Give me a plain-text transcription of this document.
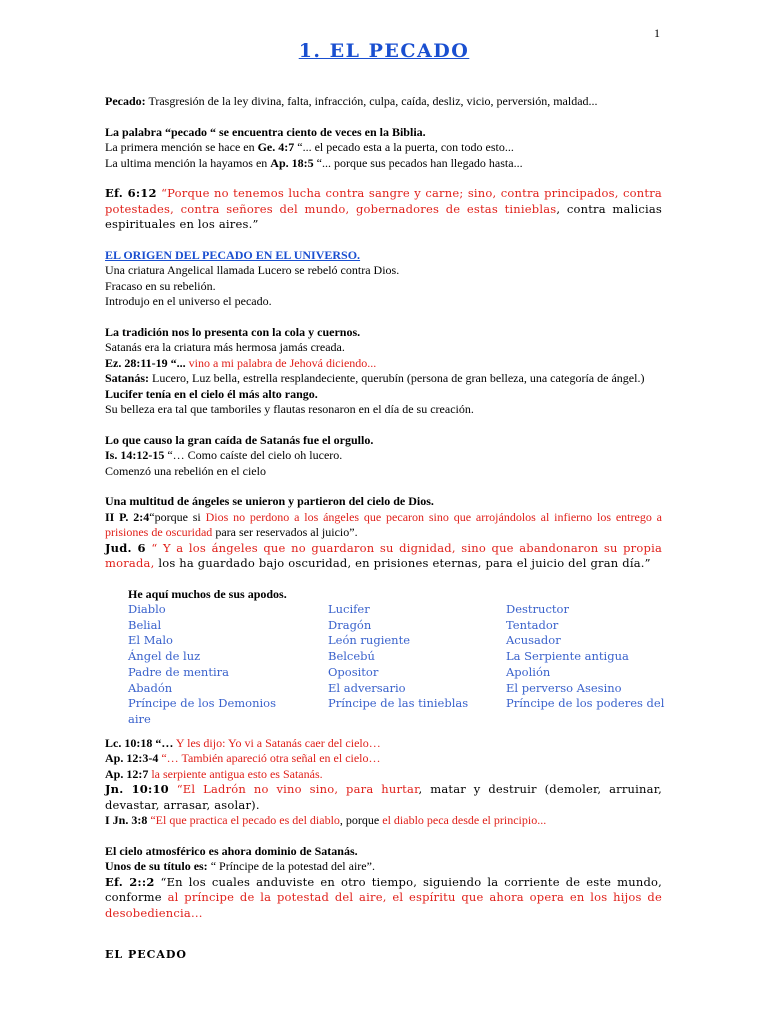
1
1. EL PECADO

Pecado: Trasgresión de la ley divina, falta, infracción, culpa, caída, desliz, vicio, perversión, maldad...

La palabra “pecado “ se encuentra ciento de veces en la Biblia.
La primera mención se hace en Ge. 4:7 “... el pecado esta a la puerta, con todo esto...
La ultima mención la hayamos en Ap. 18:5 “... porque sus pecados han llegado hasta...

Ef. 6:12 “Porque no tenemos lucha contra sangre y carne; sino, contra principados, contra potestades, contra señores del mundo, gobernadores de estas tinieblas, contra malicias espirituales en los aires.”

EL ORIGEN DEL PECADO EN EL UNIVERSO.
Una criatura Angelical llamada Lucero se rebeló contra Dios.
Fracaso en su rebelión.
Introdujo en el universo el pecado.

La tradición nos lo presenta con la cola y cuernos.
Satanás era la criatura más hermosa jamás creada.
Ez. 28:11-19 “... vino a mi palabra de Jehová diciendo...
Satanás: Lucero, Luz bella, estrella resplandeciente, querubín (persona de gran belleza, una categoría de ángel.)
Lucifer tenía en el cielo él más alto rango.
Su belleza era tal que tamboriles y flautas resonaron en el día de su creación.

Lo que causo la gran caída de Satanás fue el orgullo.
Is. 14:12-15 “… Como caíste del cielo oh lucero.
Comenzó una rebelión en el cielo

Una multitud de ángeles se unieron y partieron del cielo de Dios.
II P. 2:4“porque si Dios no perdono a los ángeles que pecaron sino que arrojándolos al infierno los entrego a prisiones de oscuridad para ser reservados al juicio”.
Jud. 6 “ Y a los ángeles que no guardaron su dignidad, sino que abandonaron su propia morada, los ha guardado bajo oscuridad, en prisiones eternas, para el juicio del gran día.”

He aquí muchos de sus apodos.
Diablo	Lucifer	Destructor
Belial	Dragón	Tentador
El Malo	León rugiente	Acusador
Ángel de luz	Belcebú	La Serpiente antigua
Padre de mentira	Opositor	Apolión
Abadón	El adversario	El perverso Asesino
Príncipe de los Demonios	Príncipe de las tinieblas	Príncipe de los poderes del
aire

Lc. 10:18 “… Y les dijo: Yo vi a Satanás caer del cielo…
Ap. 12:3-4 “… También apareció otra señal en el cielo…
Ap. 12:7 la serpiente antigua esto es Satanás.
Jn. 10:10 “El Ladrón no vino sino, para hurtar, matar y destruir (demoler, arruinar, devastar, arrasar, asolar).
I Jn. 3:8 “El que practica el pecado es del diablo, porque el diablo peca desde el principio...

El cielo atmosférico es ahora dominio de Satanás.
Unos de su título es: “ Príncipe de la potestad del aire”.
Ef. 2::2 “En los cuales anduviste en otro tiempo, siguiendo la corriente de este mundo, conforme al príncipe de la potestad del aire, el espíritu que ahora opera en los hijos de desobediencia...

EL PECADO
